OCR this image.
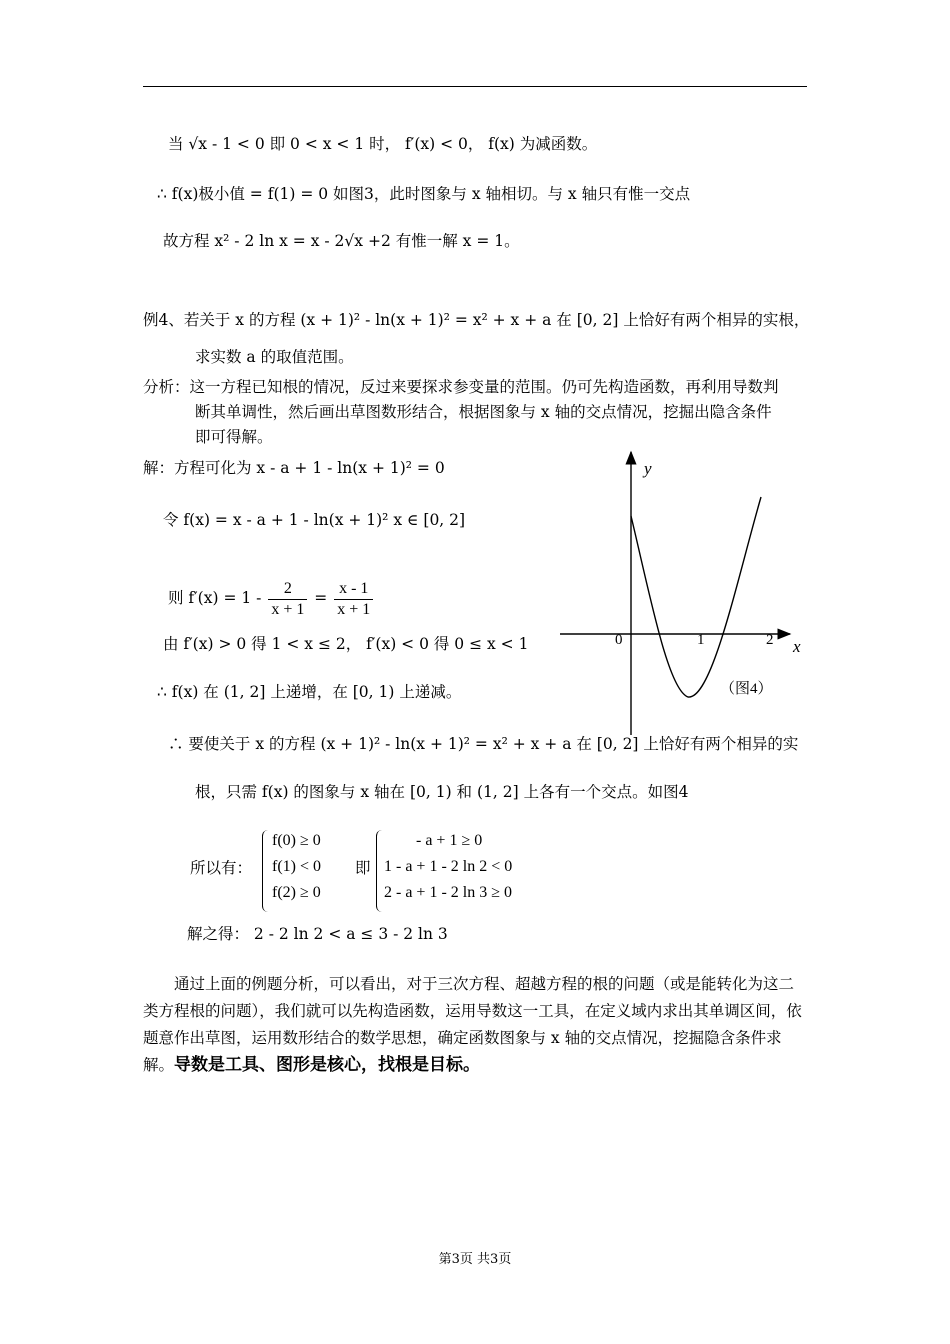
当 √x - 1 < 0 即 0 < x < 1 时， f′(x) < 0， f(x) 为减函数。
∴ f(x)极小值 = f(1) = 0 如图3，此时图象与 x 轴相切。与 x 轴只有惟一交点
故方程 x² - 2 ln x = x - 2√x +2 有惟一解 x = 1。
例4、若关于 x 的方程 (x + 1)² - ln(x + 1)² = x² + x + a 在 [0, 2] 上恰好有两个相异的实根，
求实数 a 的取值范围。
分析：这一方程已知根的情况，反过来要探求参变量的范围。仍可先构造函数，再利用导数判
断其单调性，然后画出草图数形结合，根据图象与 x 轴的交点情况，挖掘出隐含条件
即可得解。
解：方程可化为 x - a + 1 - ln(x + 1)² = 0
令 f(x) = x - a + 1 - ln(x + 1)² x ∈ [0, 2]
则 $f'(x) = 1 - \frac{2}{x + 1} = \frac{x - 1}{x + 1}$
由 f′(x) > 0 得 1 < x ≤ 2， f′(x) < 0 得 0 ≤ x < 1
∴ f(x) 在 (1, 2] 上递增，在 [0, 1) 上递减。
∴ 要使关于 x 的方程 (x + 1)² - ln(x + 1)² = x² + x + a 在 [0, 2] 上恰好有两个相异的实
根，只需 f(x) 的图象与 x 轴在 [0, 1) 和 (1, 2] 上各有一个交点。如图4
所以有：
f(0) ≥ 0
f(1) < 0
f(2) ≥ 0
即
- a + 1 ≥ 0
1 - a + 1 - 2 ln 2 < 0
2 - a + 1 - 2 ln 3 ≥ 0
解之得： 2 - 2 ln 2 < a ≤ 3 - 2 ln 3
通过上面的例题分析，可以看出，对于三次方程、超越方程的根的问题（或是能转化为这二类方程根的问题），我们就可以先构造函数，运用导数这一工具，在定义域内求出其单调区间，依题意作出草图，运用数形结合的数学思想，确定函数图象与 x 轴的交点情况，挖掘隐含条件求解。导数是工具、图形是核心，找根是目标。
y
x
0	1	2
（图4）
第3页 共3页
